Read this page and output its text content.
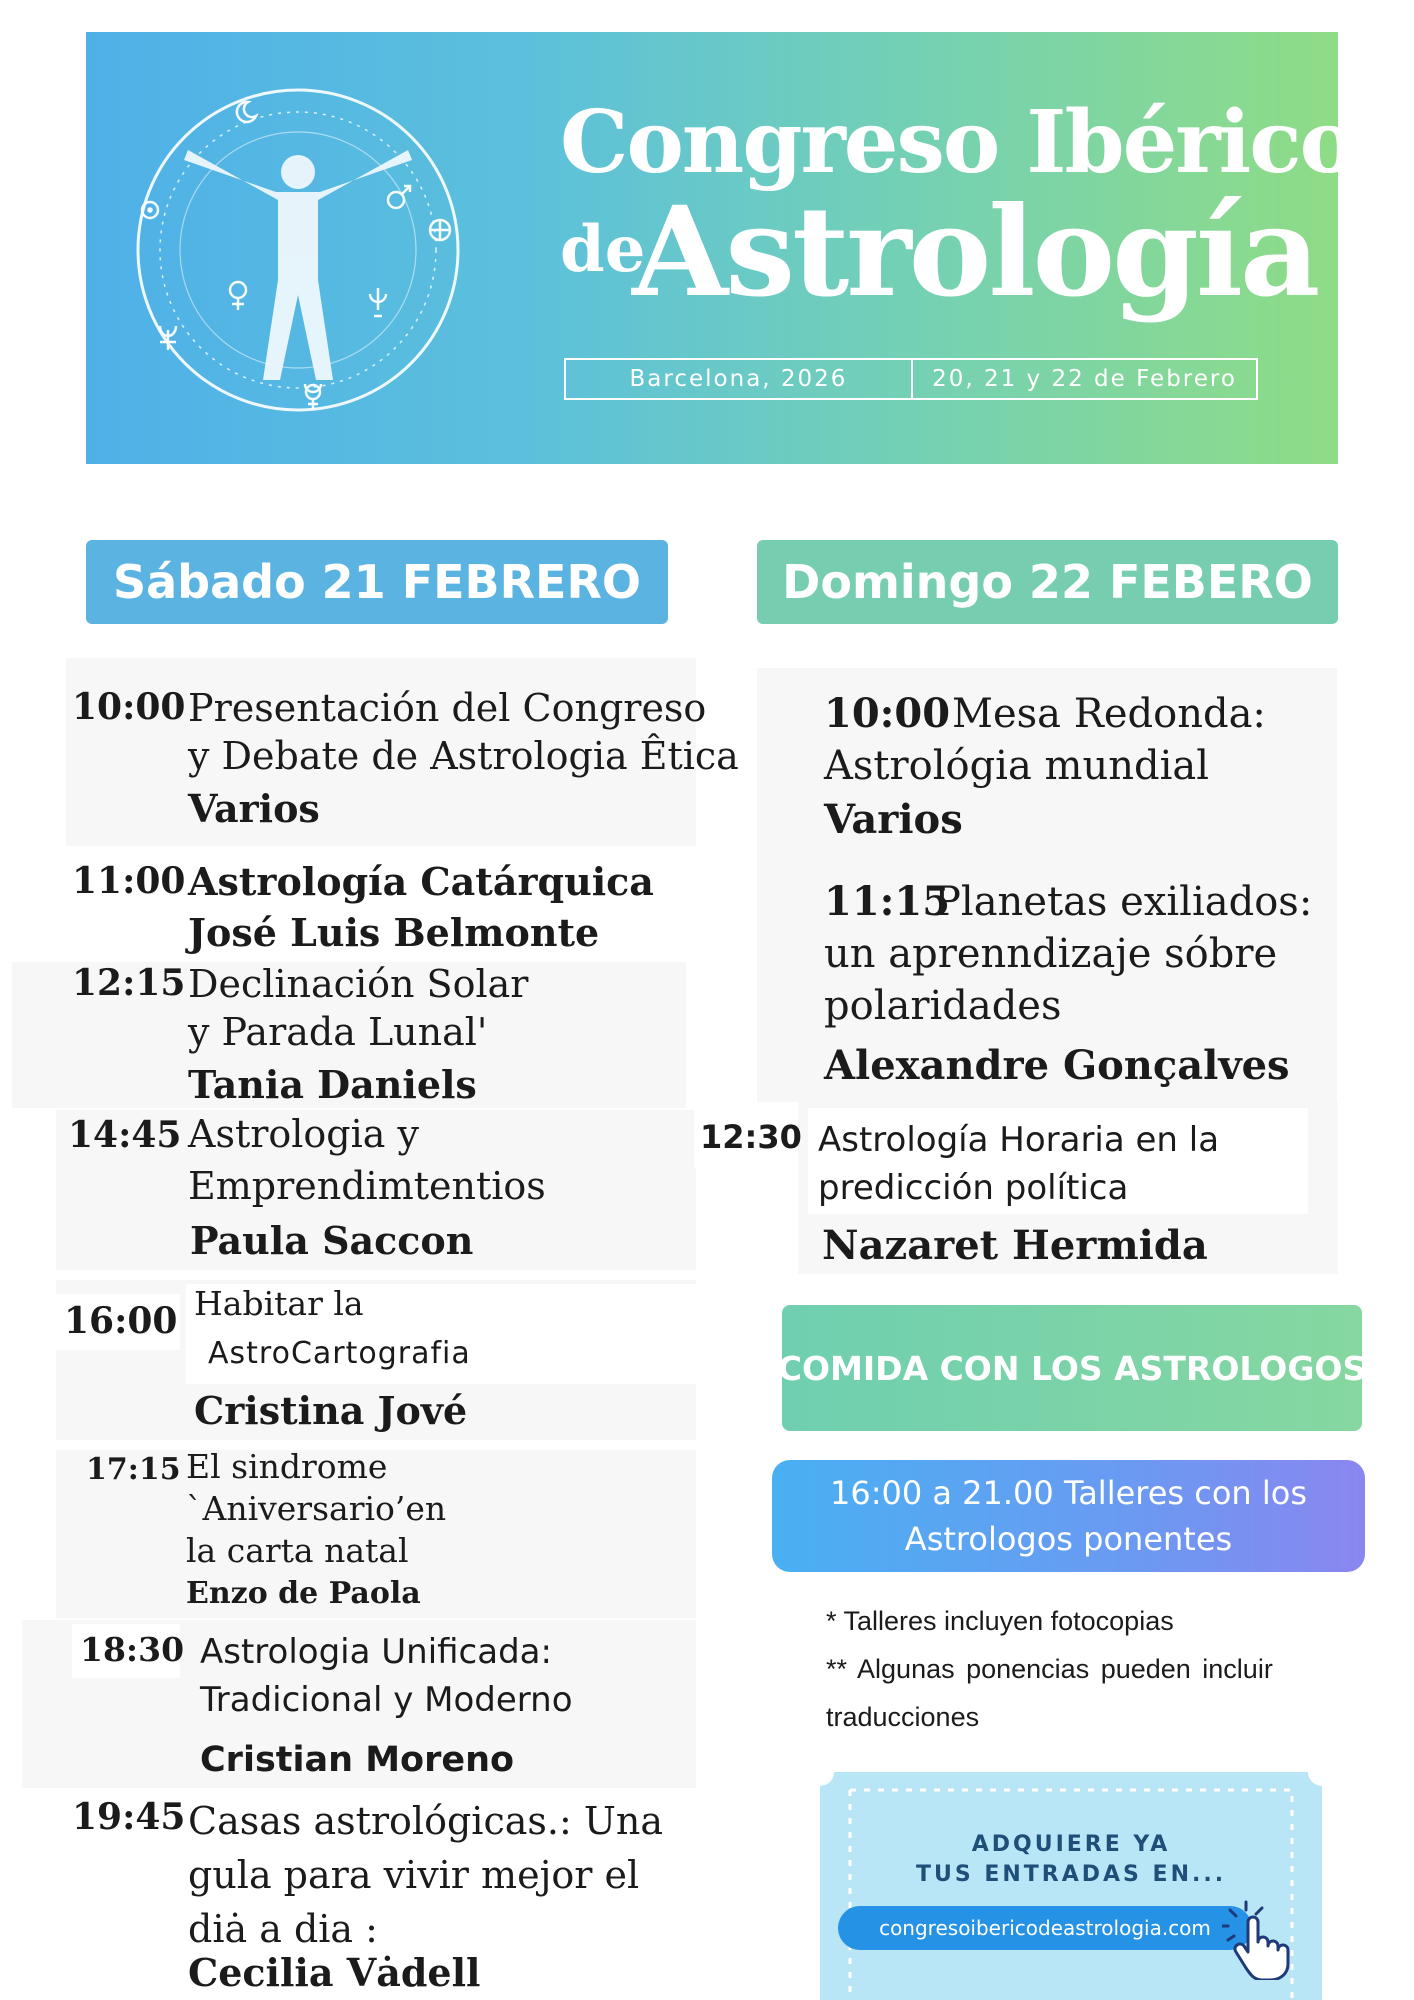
Congreso Ibérico
de
Astrología
Barcelona, 2026	20, 21 y 22 de Febrero
Sábado 21 FEBRERO	Domingo 22 FEBERO
10:00 Presentación del Congreso
y Debate de Astrologia Êtica
Varios
11:00 Astrología Catárquica
José Luis Belmonte
12:15 Declinación Solar
y Parada Lunal'
Tania Daniels
14:45 Astrologia y
Emprendimtentios
Paula Saccon
16:00 Habitar la
AstroCartografia
Cristina Jové
17:15 El sindrome
`Aniversario’en
la carta natal
Enzo de Paola
18:30 Astrologia Unificada:
Tradicional y Moderno
Cristian Moreno
19:45 Casas astrológicas.: Una
gula para vivir mejor el
diȧ a dia :
Cecilia Vȧdell
10:00 Mesa Redonda:
Astrológia mundial
Varios
11:15
Planetas exiliados:
un aprenndizaje sóbre
polaridades
Alexandre Gonçalves
12:30 Astrología Horaria en la
predicción política
Nazaret Hermida
COMIDA CON LOS ASTROLOGOS
16:00 a 21.00 Talleres con los
Astrologos ponentes
* Talleres incluyen fotocopias
** Algunas ponencias pueden incluir
traducciones
ADQUIERE YA
TUS ENTRADAS EN...
congresoibericodeastrologia.com
